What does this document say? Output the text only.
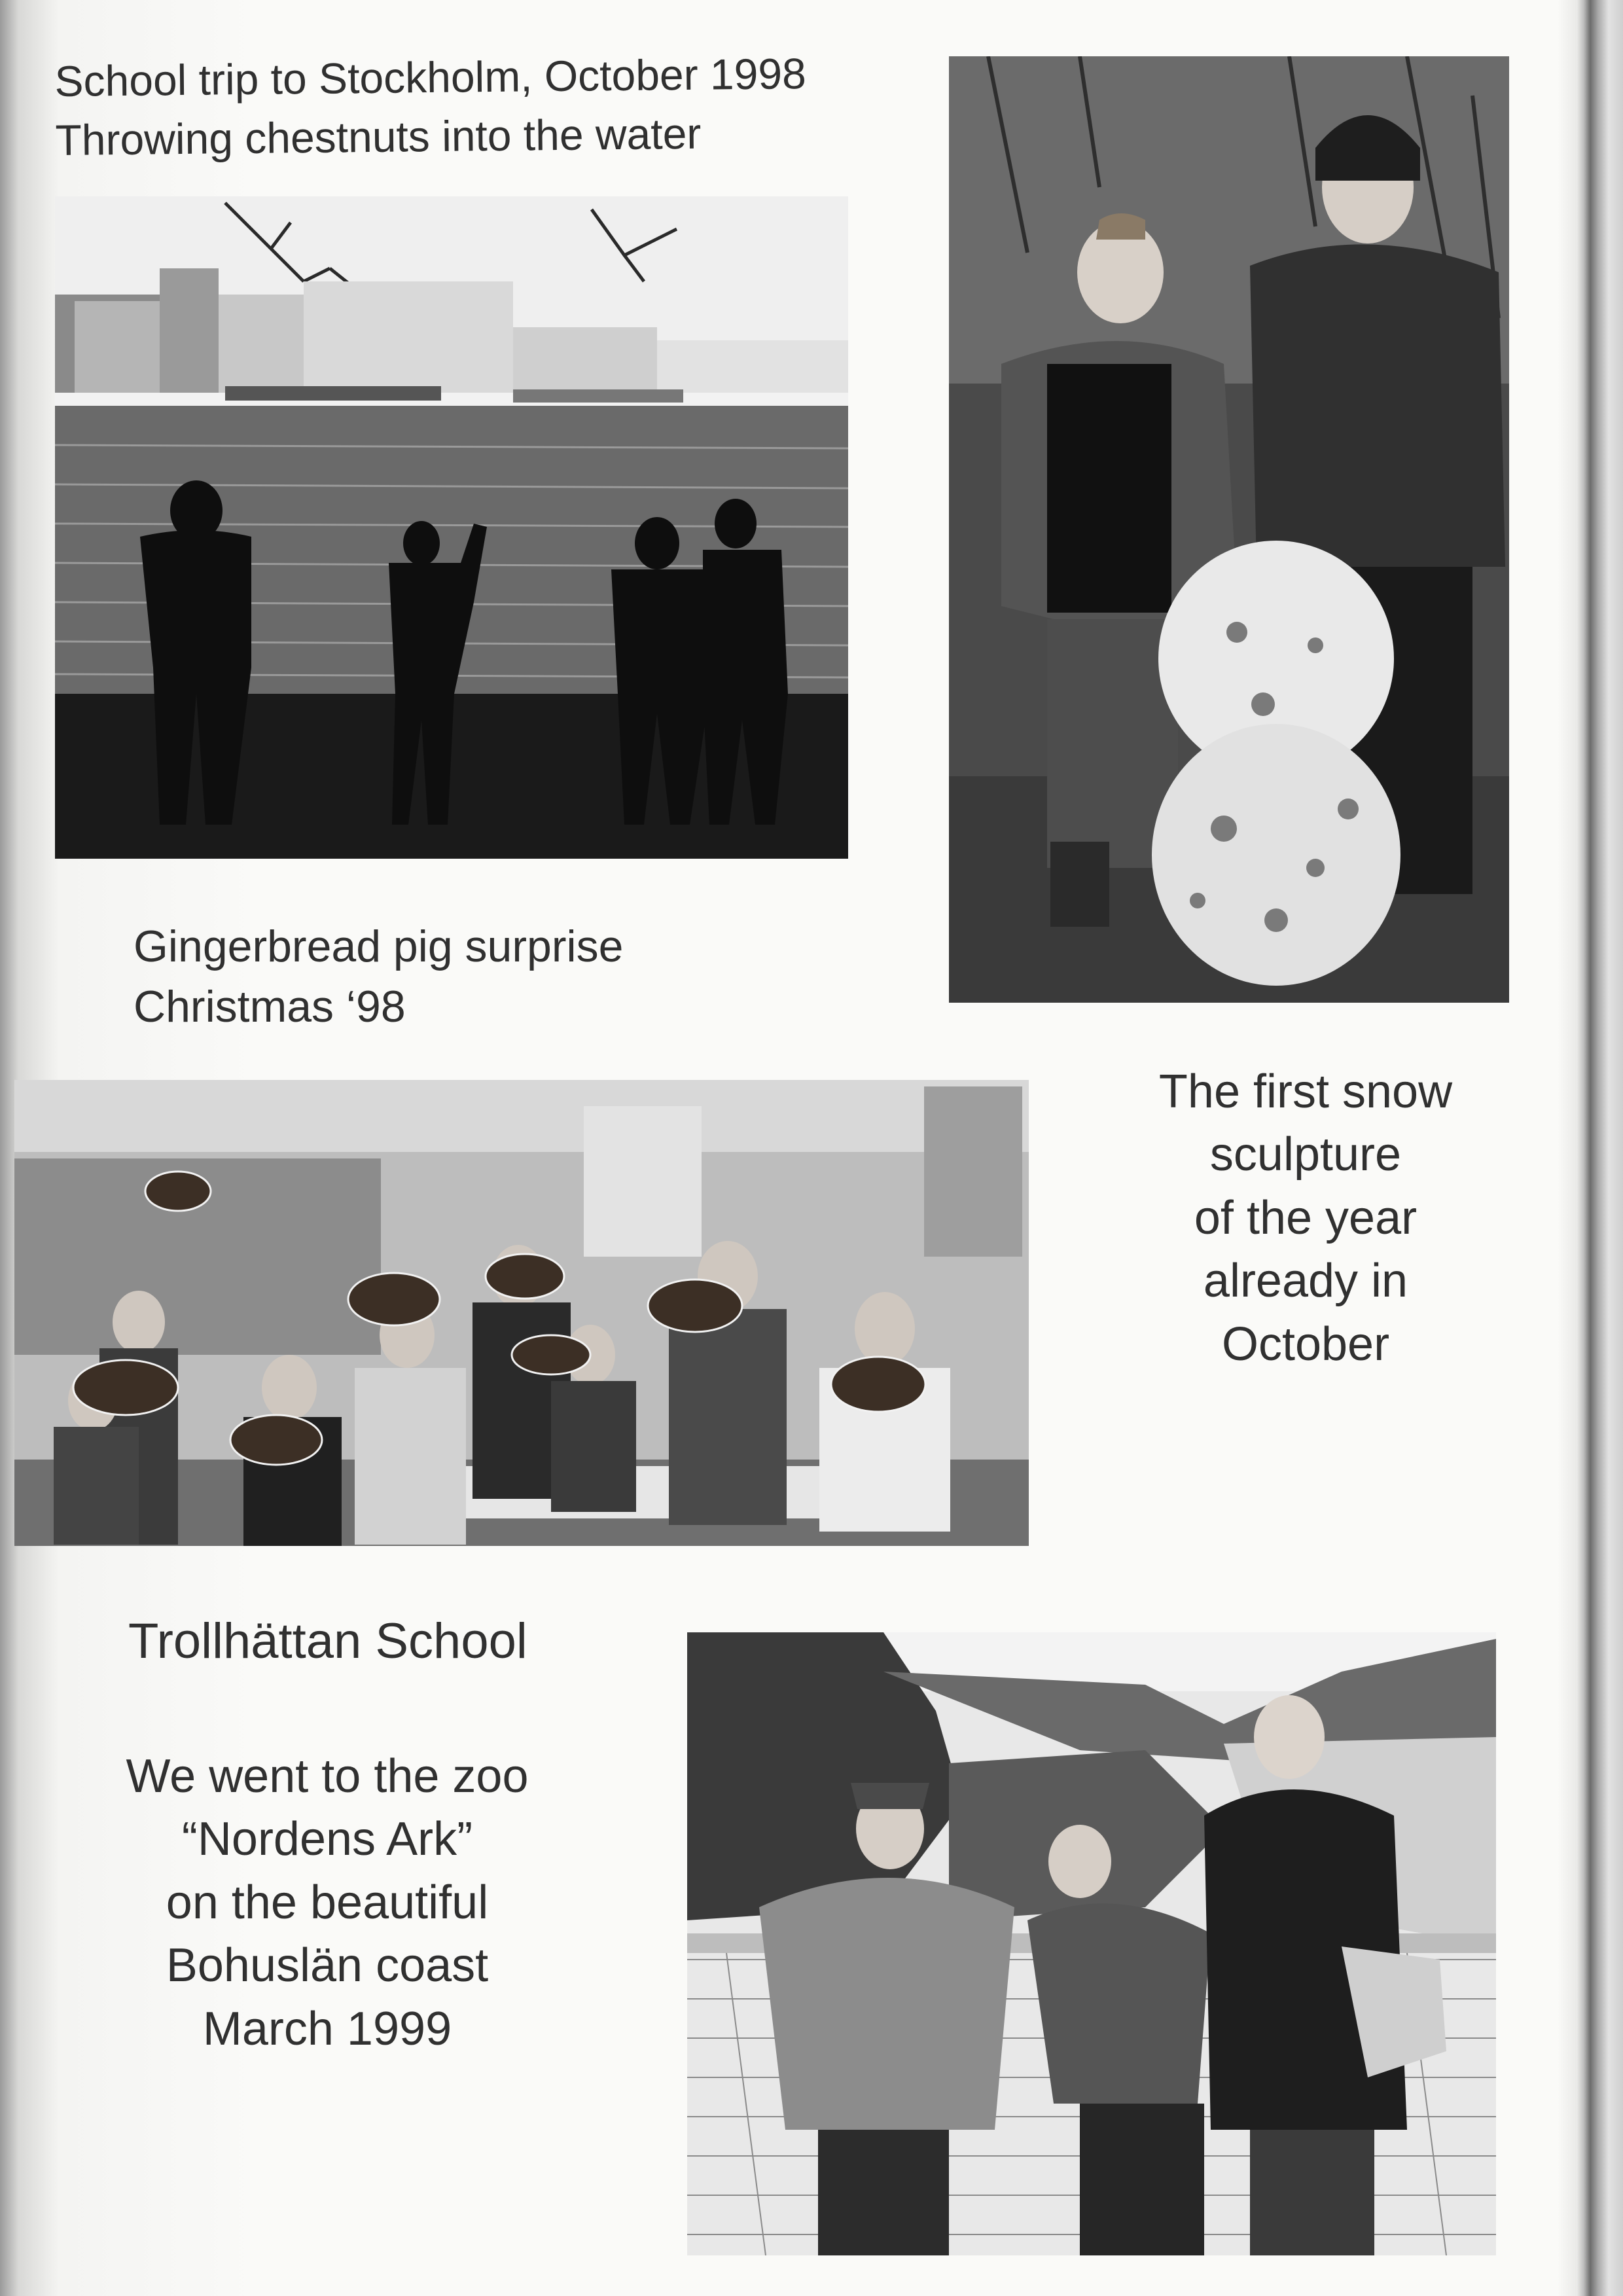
School trip to Stockholm, October 1998
Throwing chestnuts into the water
Gingerbread pig surprise
Christmas ‘98
The first snow
sculpture
of the year
already in
October
Trollhättan School
We went to the zoo
“Nordens Ark”
on the beautiful
Bohuslän coast
March 1999
